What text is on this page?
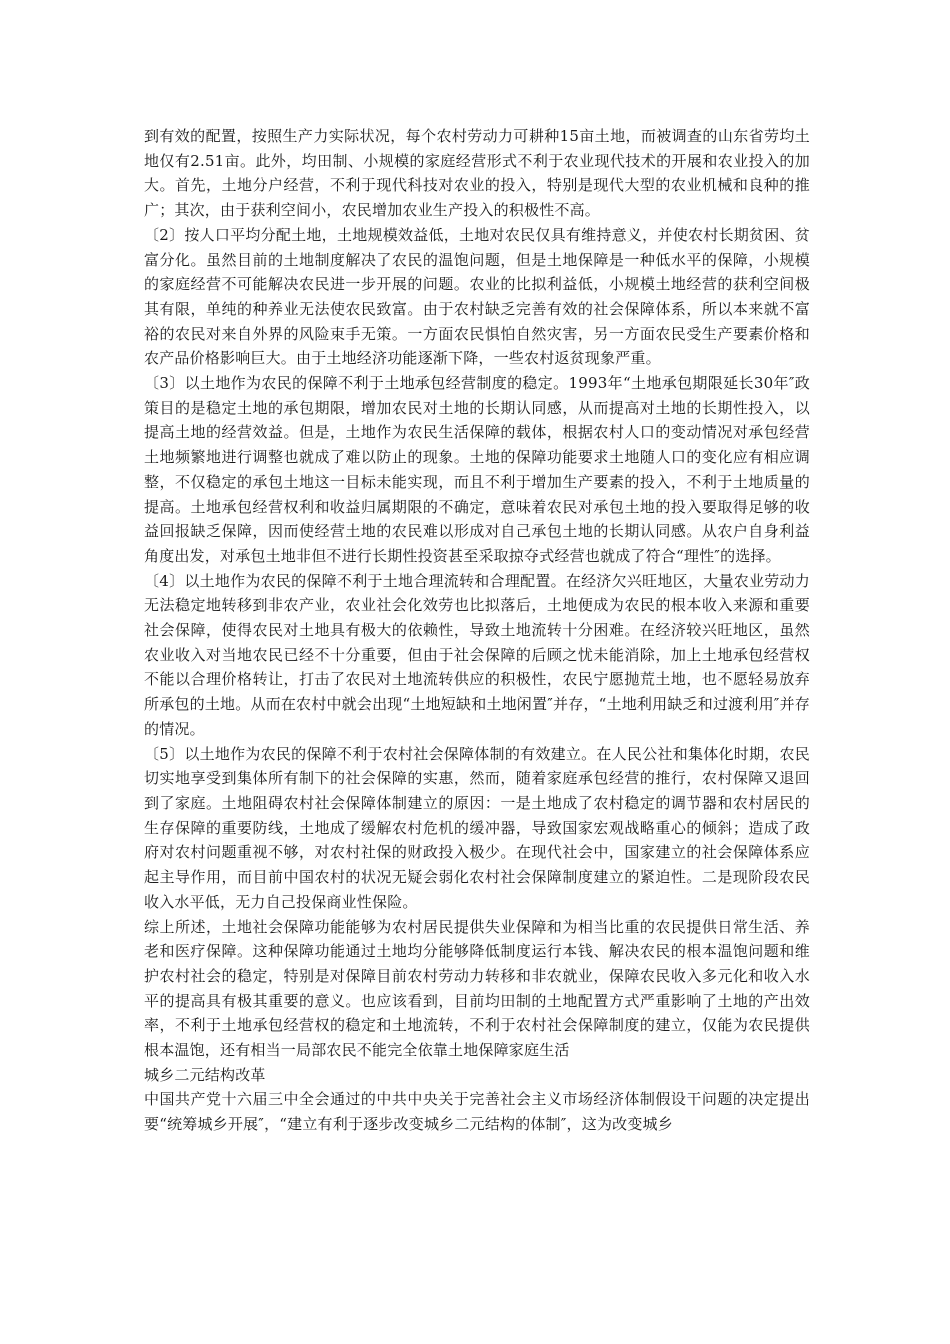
到有效的配置，按照生产力实际状况，每个农村劳动力可耕种15亩土地，而被调查的山东省劳均土地仅有2.51亩。此外，均田制、小规模的家庭经营形式不利于农业现代技术的开展和农业投入的加大。首先，土地分户经营，不利于现代科技对农业的投入，特别是现代大型的农业机械和良种的推广；其次，由于获利空间小，农民增加农业生产投入的积极性不高。

〔2〕按人口平均分配土地，土地规模效益低，土地对农民仅具有维持意义，并使农村长期贫困、贫富分化。虽然目前的土地制度解决了农民的温饱问题，但是土地保障是一种低水平的保障，小规模的家庭经营不可能解决农民进一步开展的问题。农业的比拟利益低，小规模土地经营的获利空间极其有限，单纯的种养业无法使农民致富。由于农村缺乏完善有效的社会保障体系，所以本来就不富裕的农民对来自外界的风险束手无策。一方面农民惧怕自然灾害，另一方面农民受生产要素价格和农产品价格影响巨大。由于土地经济功能逐渐下降，一些农村返贫现象严重。

〔3〕以土地作为农民的保障不利于土地承包经营制度的稳定。1993年“土地承包期限延长30年″政策目的是稳定土地的承包期限，增加农民对土地的长期认同感，从而提高对土地的长期性投入，以提高土地的经营效益。但是，土地作为农民生活保障的载体，根据农村人口的变动情况对承包经营土地频繁地进行调整也就成了难以防止的现象。土地的保障功能要求土地随人口的变化应有相应调整，不仅稳定的承包土地这一目标未能实现，而且不利于增加生产要素的投入，不利于土地质量的提高。土地承包经营权利和收益归属期限的不确定，意味着农民对承包土地的投入要取得足够的收益回报缺乏保障，因而使经营土地的农民难以形成对自己承包土地的长期认同感。从农户自身利益角度出发，对承包土地非但不进行长期性投资甚至采取掠夺式经营也就成了符合“理性″的选择。

〔4〕以土地作为农民的保障不利于土地合理流转和合理配置。在经济欠兴旺地区，大量农业劳动力无法稳定地转移到非农产业，农业社会化效劳也比拟落后，土地便成为农民的根本收入来源和重要社会保障，使得农民对土地具有极大的依赖性，导致土地流转十分困难。在经济较兴旺地区，虽然农业收入对当地农民已经不十分重要，但由于社会保障的后顾之忧未能消除，加上土地承包经营权不能以合理价格转让，打击了农民对土地流转供应的积极性，农民宁愿抛荒土地，也不愿轻易放弃所承包的土地。从而在农村中就会出现“土地短缺和土地闲置″并存，“土地利用缺乏和过渡利用″并存的情况。

〔5〕以土地作为农民的保障不利于农村社会保障体制的有效建立。在人民公社和集体化时期，农民切实地享受到集体所有制下的社会保障的实惠，然而，随着家庭承包经营的推行，农村保障又退回到了家庭。土地阻碍农村社会保障体制建立的原因：一是土地成了农村稳定的调节器和农村居民的生存保障的重要防线，土地成了缓解农村危机的缓冲器，导致国家宏观战略重心的倾斜；造成了政府对农村问题重视不够，对农村社保的财政投入极少。在现代社会中，国家建立的社会保障体系应起主导作用，而目前中国农村的状况无疑会弱化农村社会保障制度建立的紧迫性。二是现阶段农民收入水平低，无力自己投保商业性保险。

综上所述，土地社会保障功能能够为农村居民提供失业保障和为相当比重的农民提供日常生活、养老和医疗保障。这种保障功能通过土地均分能够降低制度运行本钱、解决农民的根本温饱问题和维护农村社会的稳定，特别是对保障目前农村劳动力转移和非农就业，保障农民收入多元化和收入水平的提高具有极其重要的意义。也应该看到，目前均田制的土地配置方式严重影响了土地的产出效率，不利于土地承包经营权的稳定和土地流转，不利于农村社会保障制度的建立，仅能为农民提供根本温饱，还有相当一局部农民不能完全依靠土地保障家庭生活

城乡二元结构改革

中国共产党十六届三中全会通过的中共中央关于完善社会主义市场经济体制假设干问题的决定提出要“统筹城乡开展″，“建立有利于逐步改变城乡二元结构的体制″，这为改变城乡
